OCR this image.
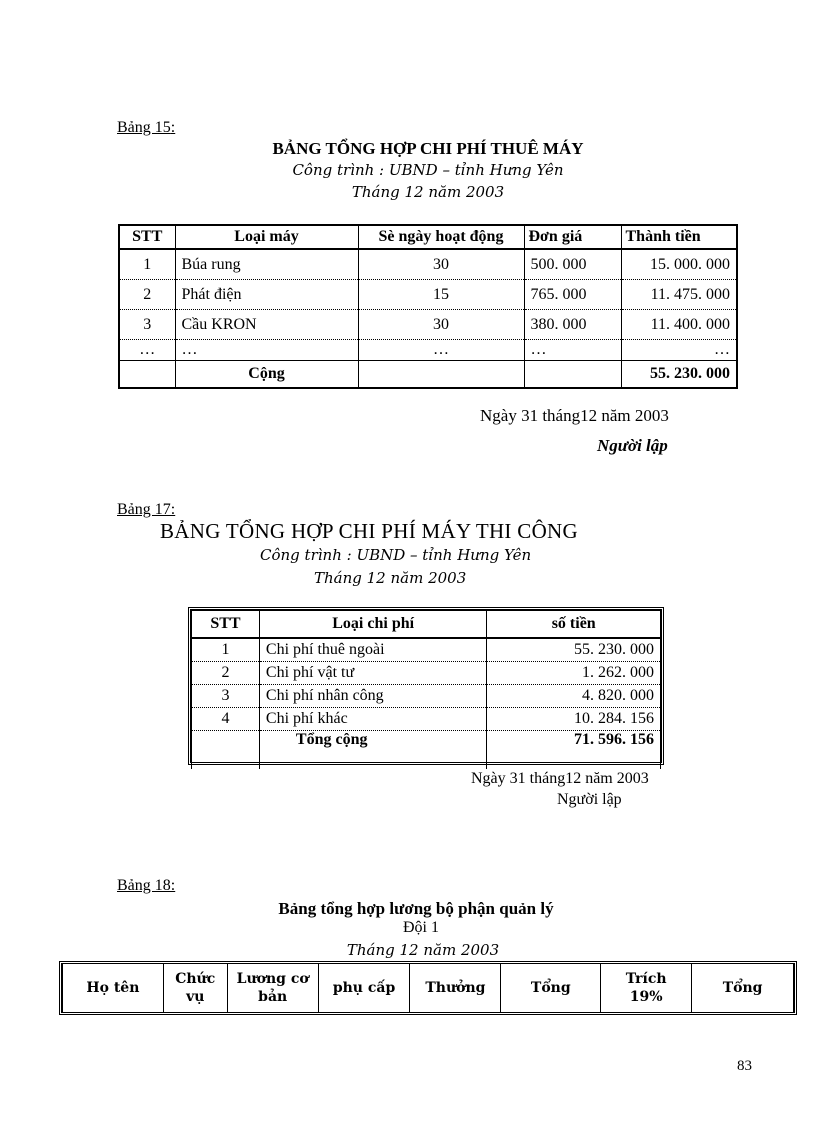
Bảng 15:
BẢNG TỔNG HỢP CHI PHÍ THUÊ MÁY
Công trình : UBND – tỉnh Hưng Yên
Tháng 12 năm 2003
STT	Loại máy	Sè ngày hoạt động	Đơn giá	Thành tiền
1	Búa rung	30	500. 000	15. 000. 000
2	Phát điện	15	765. 000	11. 475. 000
3	Cầu KRON	30	380. 000	11. 400. 000
…	…	…	…	…
	Cộng			55. 230. 000
Ngày 31 tháng12 năm 2003
Người lập
Bảng 17:
BẢNG TỔNG HỢP CHI PHÍ MÁY THI CÔNG
Công trình : UBND – tỉnh Hưng Yên
Tháng 12 năm 2003
STT	Loại chi phí	số tiền
1	Chi phí thuê ngoài	55. 230. 000
2	Chi phí vật tư	1. 262. 000
3	Chi phí nhân công	4. 820. 000
4	Chi phí khác	10. 284. 156
	Tổng cộng	71. 596. 156
Ngày 31 tháng12 năm 2003
Người lập
Bảng 18:
Bảng tổng hợp lương bộ phận quản lý
Đội 1
Tháng 12 năm 2003
Họ tên	Chức vụ	Lương cơ bản	phụ cấp	Thưởng	Tổng	Trích 19%	Tổng
83
